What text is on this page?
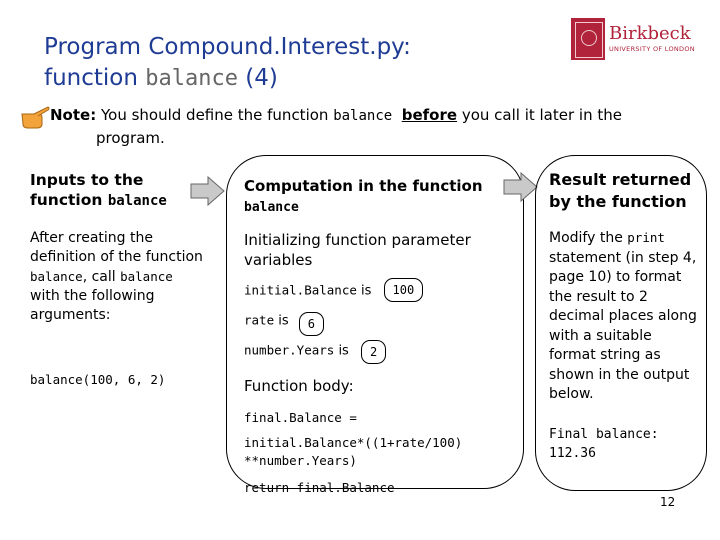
Program Compound.Interest.py:
function balance (4)
Birkbeck
UNIVERSITY OF LONDON
Note: You should define the function balance before you call it later in the
program.
Inputs to the function balance
After creating the definition of the function balance, call balance with the following arguments:
balance(100, 6, 2)
Computation in the function
balance
Initializing function parameter variables
initial.Balance is 100
rate is 6
number.Years is 2
Function body:
final.Balance =
initial.Balance*((1+rate/100)
**number.Years)
return final.Balance
Result returned by the function
Modify the print statement (in step 4, page 10) to format the result to 2 decimal places along with a suitable format string as shown in the output below.
Final balance:
112.36
12
